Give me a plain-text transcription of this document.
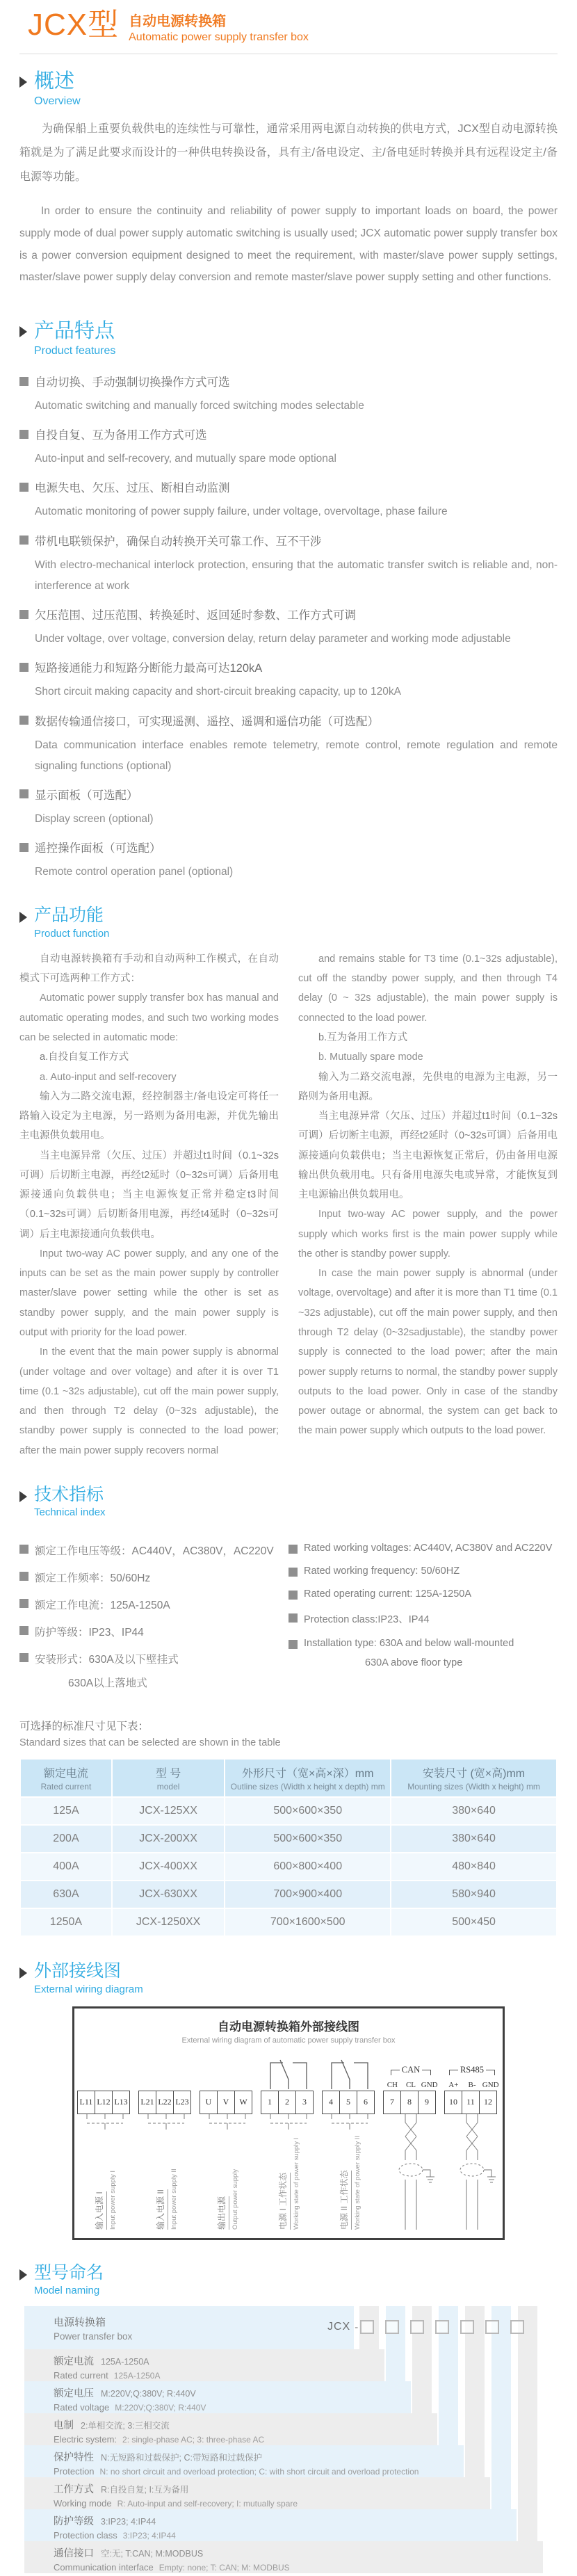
JCX型 自动电源转换箱
Automatic power supply transfer box
概述
Overview

为确保船上重要负载供电的连续性与可靠性，通常采用两电源自动转换的供电方式，JCX型自动电源转换箱就是为了满足此要求而设计的一种供电转换设备，具有主/备电设定、主/备电延时转换并具有远程设定主/备电源等功能。

In order to ensure the continuity and reliability of power supply to important loads on board, the power supply mode of dual power supply automatic switching is usually used; JCX automatic power supply transfer box is a power conversion equipment designed to meet the requirement, with master/slave power supply settings, master/slave power supply delay conversion and remote master/slave power supply setting and other functions.

产品特点
Product features
自动切换、手动强制切换操作方式可选
Automatic switching and manually forced switching modes selectable
自投自复、互为备用工作方式可选
Auto-input and self-recovery, and mutually spare mode optional
电源失电、欠压、过压、断相自动监测
Automatic monitoring of power supply failure, under voltage, overvoltage, phase failure
带机电联锁保护，确保自动转换开关可靠工作、互不干涉
With electro-mechanical interlock protection, ensuring that the automatic transfer switch is reliable and, non-interference at work
欠压范围、过压范围、转换延时、返回延时参数、工作方式可调
Under voltage, over voltage, conversion delay, return delay parameter and working mode adjustable
短路接通能力和短路分断能力最高可达120kA
Short circuit making capacity and short-circuit breaking capacity, up to 120kA
数据传输通信接口，可实现遥测、遥控、遥调和遥信功能（可选配）
Data communication interface enables remote telemetry, remote control, remote regulation and remote signaling functions (optional)
显示面板（可选配）
Display screen (optional)
遥控操作面板（可选配）
Remote control operation panel (optional)
产品功能
Product function

自动电源转换箱有手动和自动两种工作模式，在自动模式下可选两种工作方式：

Automatic power supply transfer box has manual and automatic operating modes, and such two working modes can be selected in automatic mode:

a.自投自复工作方式

a. Auto-input and self-recovery

输入为二路交流电源，经控制器主/备电设定可将任一路输入设定为主电源，另一路则为备用电源，并优先输出主电源供负载用电。

当主电源异常（欠压、过压）并超过t1时间（0.1~32s可调）后切断主电源，再经t2延时（0~32s可调）后备用电源接通向负载供电；当主电源恢复正常并稳定t3时间（0.1~32s可调）后切断备用电源，再经t4延时（0~32s可调）后主电源接通向负载供电。

Input two-way AC power supply, and any one of the inputs can be set as the main power supply by controller master/slave power setting while the other is set as standby power supply, and the main power supply is output with priority for the load power.

In the event that the main power supply is abnormal (under voltage and over voltage) and after it is over T1 time (0.1 ~32s adjustable), cut off the main power supply, and then through T2 delay (0~32s adjustable), the standby power supply is connected to the load power; after the main power supply recovers normal

and remains stable for T3 time (0.1~32s adjustable), cut off the standby power supply, and then through T4 delay (0 ~ 32s adjustable), the main power supply is connected to the load power.

b.互为备用工作方式

b. Mutually spare mode

输入为二路交流电源，先供电的电源为主电源，另一路则为备用电源。

当主电源异常（欠压、过压）并超过t1时间（0.1~32s可调）后切断主电源，再经t2延时（0~32s可调）后备用电源接通向负载供电；当主电源恢复正常后，仍由备用电源输出供负载用电。只有备用电源失电或异常，才能恢复到主电源输出供负载用电。

Input two-way AC power supply, and the power supply which works first is the main power supply while the other is standby power supply.

In case the main power supply is abnormal (under voltage, overvoltage) and after it is more than T1 time (0.1 ~32s adjustable), cut off the main power supply, and then through T2 delay (0~32sadjustable), the standby power supply is connected to the load power; after the main power supply returns to normal, the standby power supply outputs to the load power. Only in case of the standby power outage or abnormal, the system can get back to the main power supply which outputs to the load power.

技术指标
Technical index
额定工作电压等级：AC440V，AC380V，AC220V
额定工作频率：50/60Hz
额定工作电流：125A-1250A
防护等级：IP23、IP44
安装形式：630A及以下壁挂式
630A以上落地式
Rated working voltages: AC440V, AC380V and AC220V
Rated working frequency: 50/60HZ
Rated operating current: 125A-1250A
Protection class:IP23、IP44
Installation type: 630A and below wall-mounted
630A above floor type
可选择的标准尺寸见下表：
Standard sizes that can be selected are shown in the table
额定电流
Rated current

型 号
model

外形尺寸（宽×高×深）mm
Outline sizes (Width x height x depth) mm

安装尺寸 (宽×高)mm
Mounting sizes (Width x height) mm

125A	JCX-125XX	500×600×350	380×640
200A	JCX-200XX	500×600×350	380×640
400A	JCX-400XX	600×800×400	480×840
630A	JCX-630XX	700×900×400	580×940
1250A	JCX-1250XX	700×1600×500	500×450
外部接线图
External wiring diagram
自动电源转换箱外部接线图
External wiring diagram of automatic power supply transfer box
CAN
CH	CL GND
RS485
A+	B- GND
L11 L12 L13 L21 L22 L23	U	V	W	1	2	3	4	5	6	7	8	9	10	11	12
输入电源 I Input power supply I	输入电源 II Input power supply II	输出电源 Output power supply	电源 I 工作状态 Working state of power supply I	电源 II 工作状态 Working state of power supply II
型号命名
Model naming
JCX -
电源转换箱
Power transfer box
额定电流 125A-1250A
Rated current 125A-1250A
额定电压 M:220V;Q:380V; R:440V
Rated voltage M:220V;Q:380V; R:440V
电制 2:单相交流; 3:三相交流
Electric system: 2: single-phase AC; 3: three-phase AC
保护特性 N:无短路和过载保护; C:带短路和过载保护
Protection N: no short circuit and overload protection; C: with short circuit and overload protection
工作方式 R:自投自复; I:互为备用
Working mode R: Auto-input and self-recovery; I: mutually spare
防护等级 3:IP23; 4:IP44
Protection class 3:IP23; 4:IP44
通信接口 空:无; T:CAN; M:MODBUS
Communication interface Empty: none; T: CAN; M: MODBUS
